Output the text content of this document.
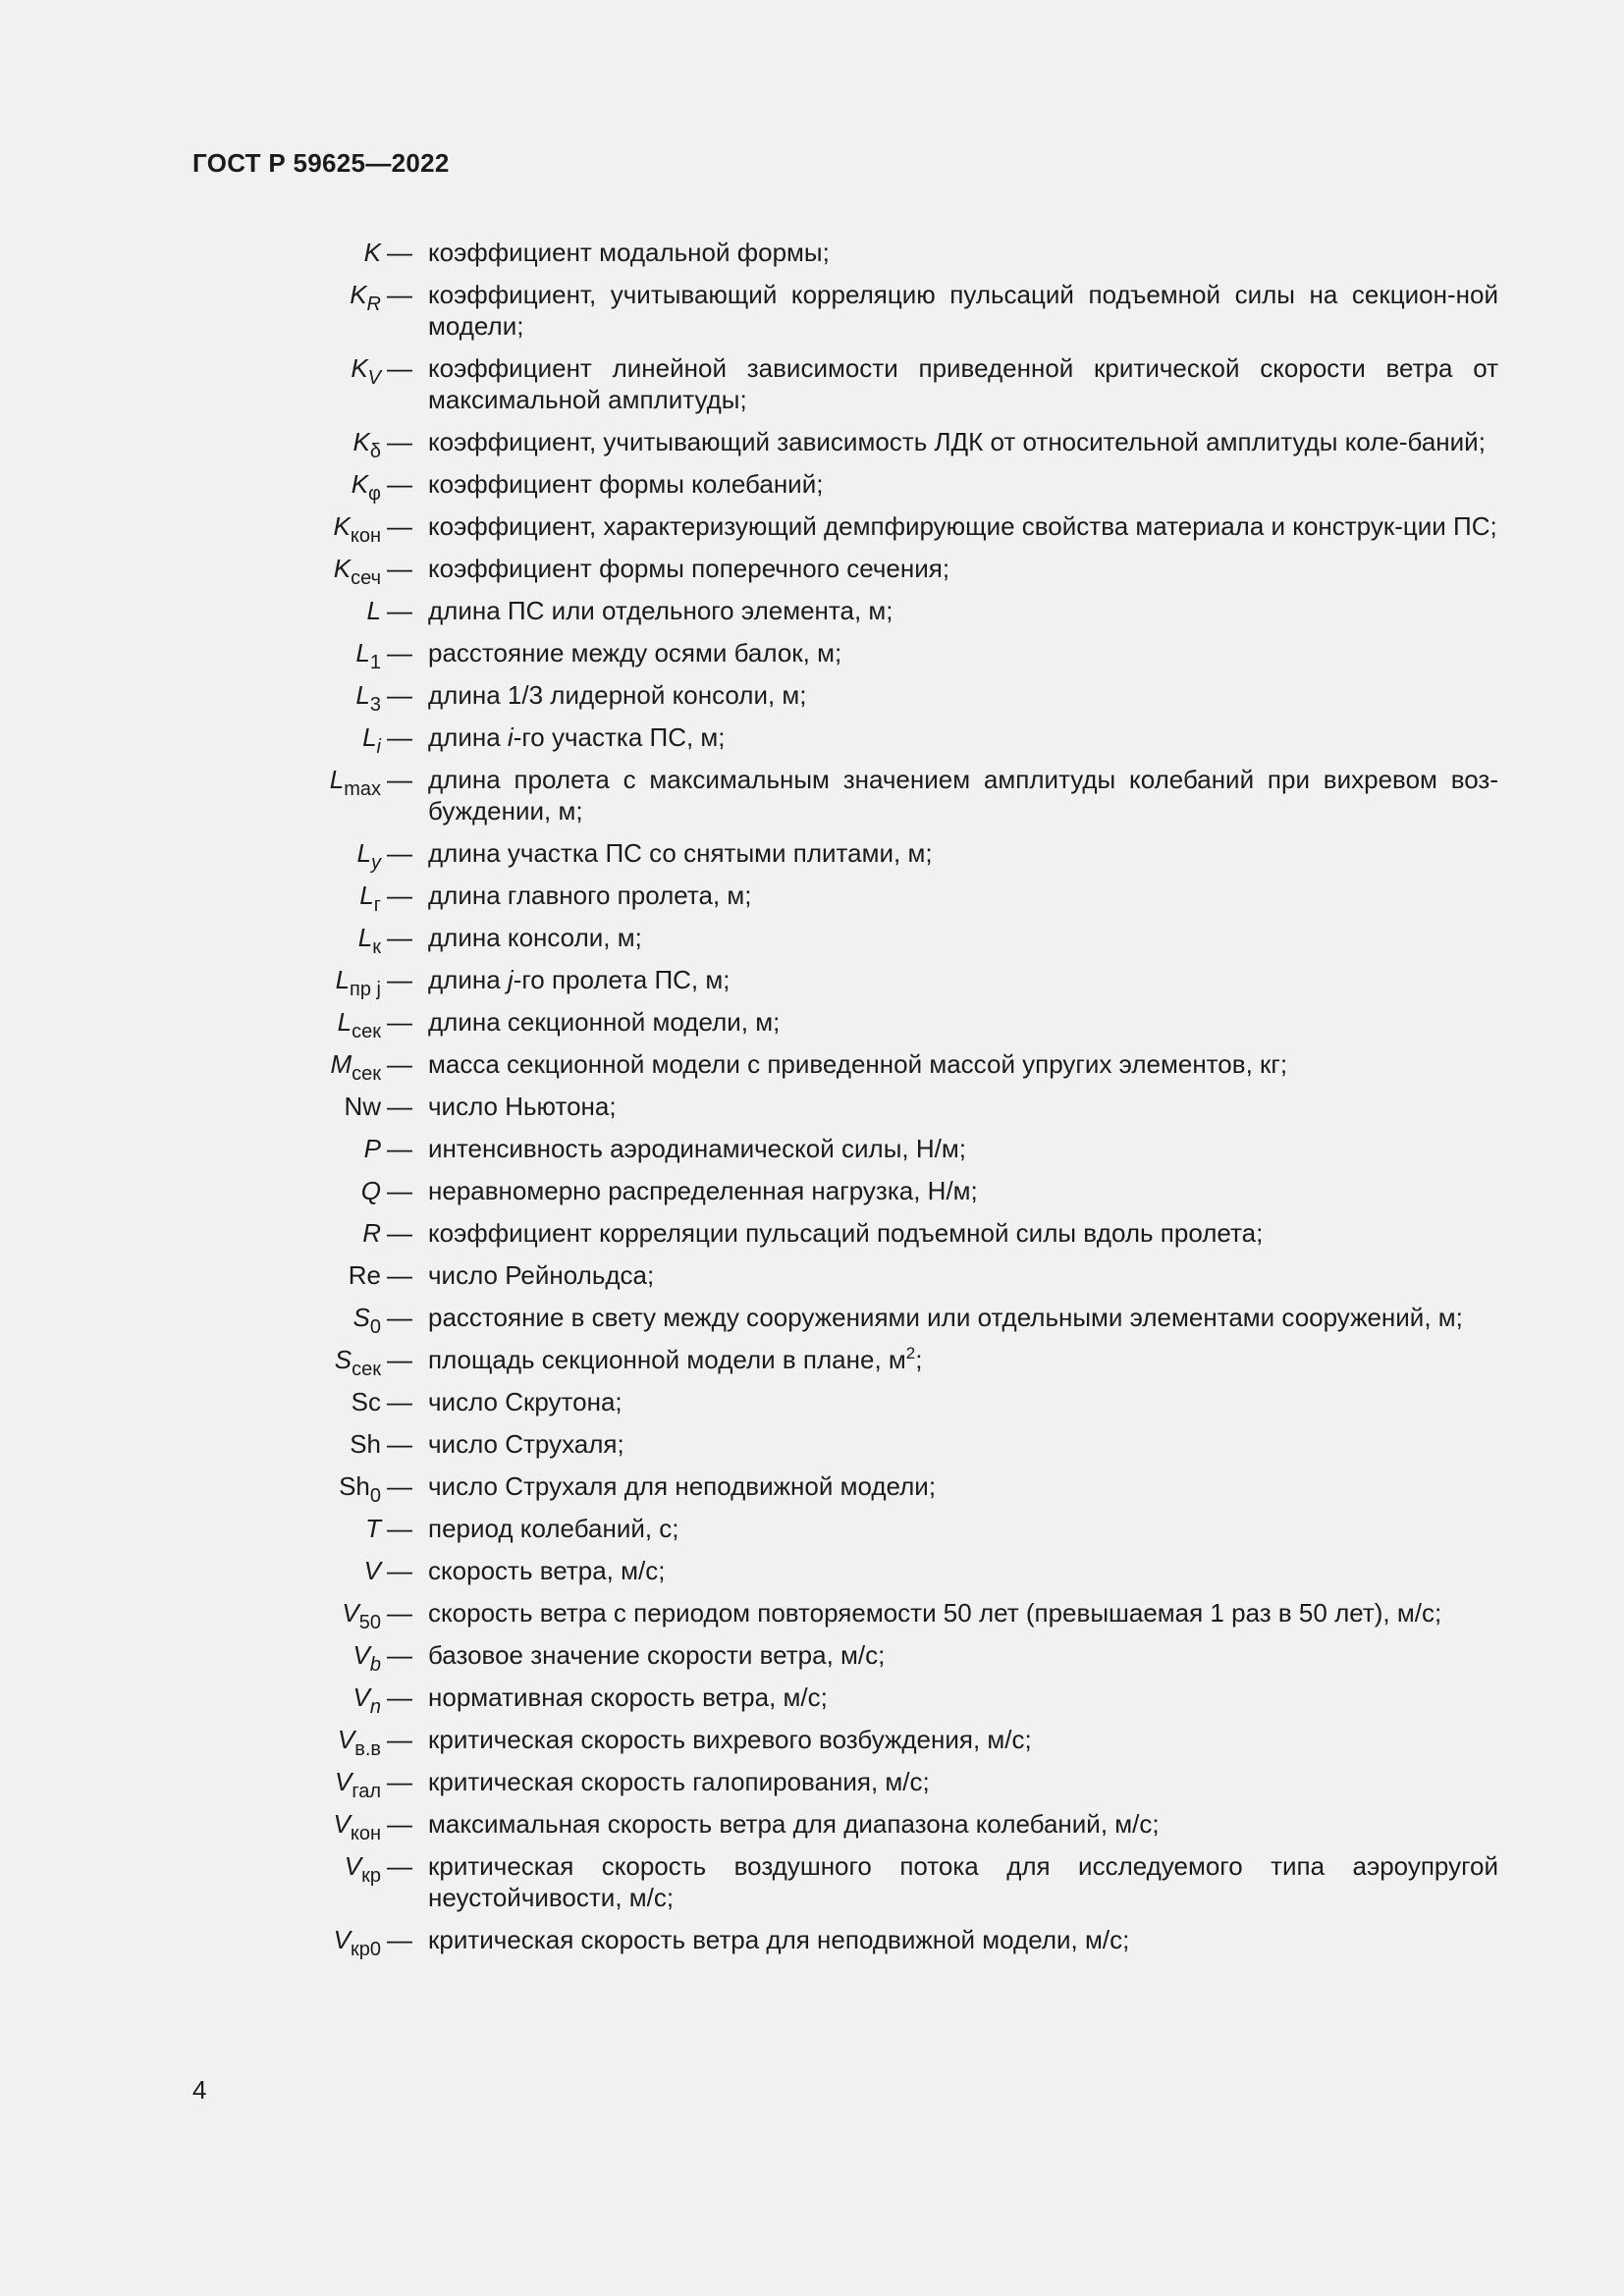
ГОСТ Р 59625—2022
K — коэффициент модальной формы;
$K_R$ — коэффициент, учитывающий корреляцию пульсаций подъемной силы на секцион-ной модели;
$K_V$ — коэффициент линейной зависимости приведенной критической скорости ветра от максимальной амплитуды;
$K_\delta$ — коэффициент, учитывающий зависимость ЛДК от относительной амплитуды коле-баний;
$K_\varphi$ — коэффициент формы колебаний;
$K_{кон}$ — коэффициент, характеризующий демпфирующие свойства материала и конструк-ции ПС;
$K_{сеч}$ — коэффициент формы поперечного сечения;
L — длина ПС или отдельного элемента, м;
$L_1$ — расстояние между осями балок, м;
$L_3$ — длина 1/3 лидерной консоли, м;
$L_i$ — длина i-го участка ПС, м;
$L_{max}$ — длина пролета с максимальным значением амплитуды колебаний при вихревом воз-буждении, м;
$L_y$ — длина участка ПС со снятыми плитами, м;
$L_г$ — длина главного пролета, м;
$L_к$ — длина консоли, м;
$L_{пр j}$ — длина j-го пролета ПС, м;
$L_{сек}$ — длина секционной модели, м;
$M_{сек}$ — масса секционной модели с приведенной массой упругих элементов, кг;
Nw — число Ньютона;
P — интенсивность аэродинамической силы, Н/м;
Q — неравномерно распределенная нагрузка, Н/м;
R — коэффициент корреляции пульсаций подъемной силы вдоль пролета;
Re — число Рейнольдса;
$S_0$ — расстояние в свету между сооружениями или отдельными элементами сооружений, м;
$S_{сек}$ — площадь секционной модели в плане, $м^2$;
Sc — число Скрутона;
Sh — число Струхаля;
$Sh_0$ — число Струхаля для неподвижной модели;
T — период колебаний, с;
V — скорость ветра, м/с;
$V_{50}$ — скорость ветра с периодом повторяемости 50 лет (превышаемая 1 раз в 50 лет), м/с;
$V_b$ — базовое значение скорости ветра, м/с;
$V_n$ — нормативная скорость ветра, м/с;
$V_{в.в}$ — критическая скорость вихревого возбуждения, м/с;
$V_{гал}$ — критическая скорость галопирования, м/с;
$V_{кон}$ — максимальная скорость ветра для диапазона колебаний, м/с;
$V_{кр}$ — критическая скорость воздушного потока для исследуемого типа аэроупругой неустойчивости, м/с;
$V_{кр0}$ — критическая скорость ветра для неподвижной модели, м/с;
4
